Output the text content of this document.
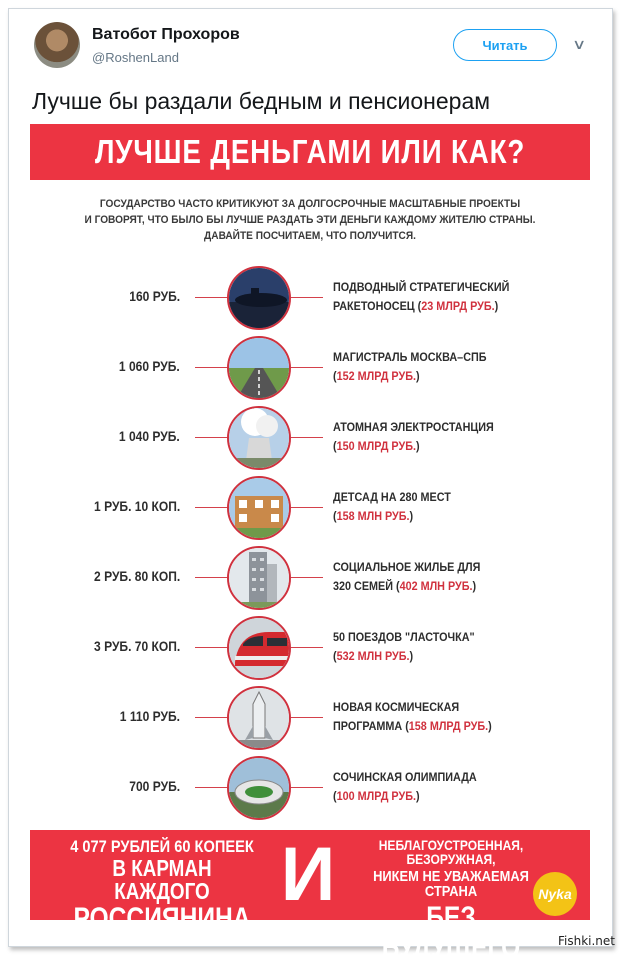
Ватобот Прохоров
@RoshenLand
Читать	∨
Лучше бы раздали бедным и пенсионерам
ЛУЧШЕ ДЕНЬГАМИ ИЛИ КАК?
ГОСУДАРСТВО ЧАСТО КРИТИКУЮТ ЗА ДОЛГОСРОЧНЫЕ МАСШТАБНЫЕ ПРОЕКТЫ
И ГОВОРЯТ, ЧТО БЫЛО БЫ ЛУЧШЕ РАЗДАТЬ ЭТИ ДЕНЬГИ КАЖДОМУ ЖИТЕЛЮ СТРАНЫ.
ДАВАЙТЕ ПОСЧИТАЕМ, ЧТО ПОЛУЧИТСЯ.
160 РУБ.
ПОДВОДНЫЙ СТРАТЕГИЧЕСКИЙ
РАКЕТОНОСЕЦ (23 МЛРД РУБ.)
1 060 РУБ.
МАГИСТРАЛЬ МОСКВА–СПБ
(152 МЛРД РУБ.)
1 040 РУБ.
АТОМНАЯ ЭЛЕКТРОСТАНЦИЯ
(150 МЛРД РУБ.)
1 РУБ. 10 КОП.
ДЕТСАД НА 280 МЕСТ
(158 МЛН РУБ.)
2 РУБ. 80 КОП.
СОЦИАЛЬНОЕ ЖИЛЬЕ ДЛЯ
320 СЕМЕЙ (402 МЛН РУБ.)
3 РУБ. 70 КОП.
50 ПОЕЗДОВ "ЛАСТОЧКА"
(532 МЛН РУБ.)
1 110 РУБ.
НОВАЯ КОСМИЧЕСКАЯ
ПРОГРАММА (158 МЛРД РУБ.)
700 РУБ.
СОЧИНСКАЯ ОЛИМПИАДА
(100 МЛРД РУБ.)
4 077 РУБЛЕЙ 60 КОПЕЕК
В КАРМАН КАЖДОГО
РОССИЯНИНА
И	НЕБЛАГОУСТРОЕННАЯ, БЕЗОРУЖНАЯ,
НИКЕМ НЕ УВАЖАЕМАЯ СТРАНА
БЕЗ БУДУЩЕГО
Nyka
Fishki.net
